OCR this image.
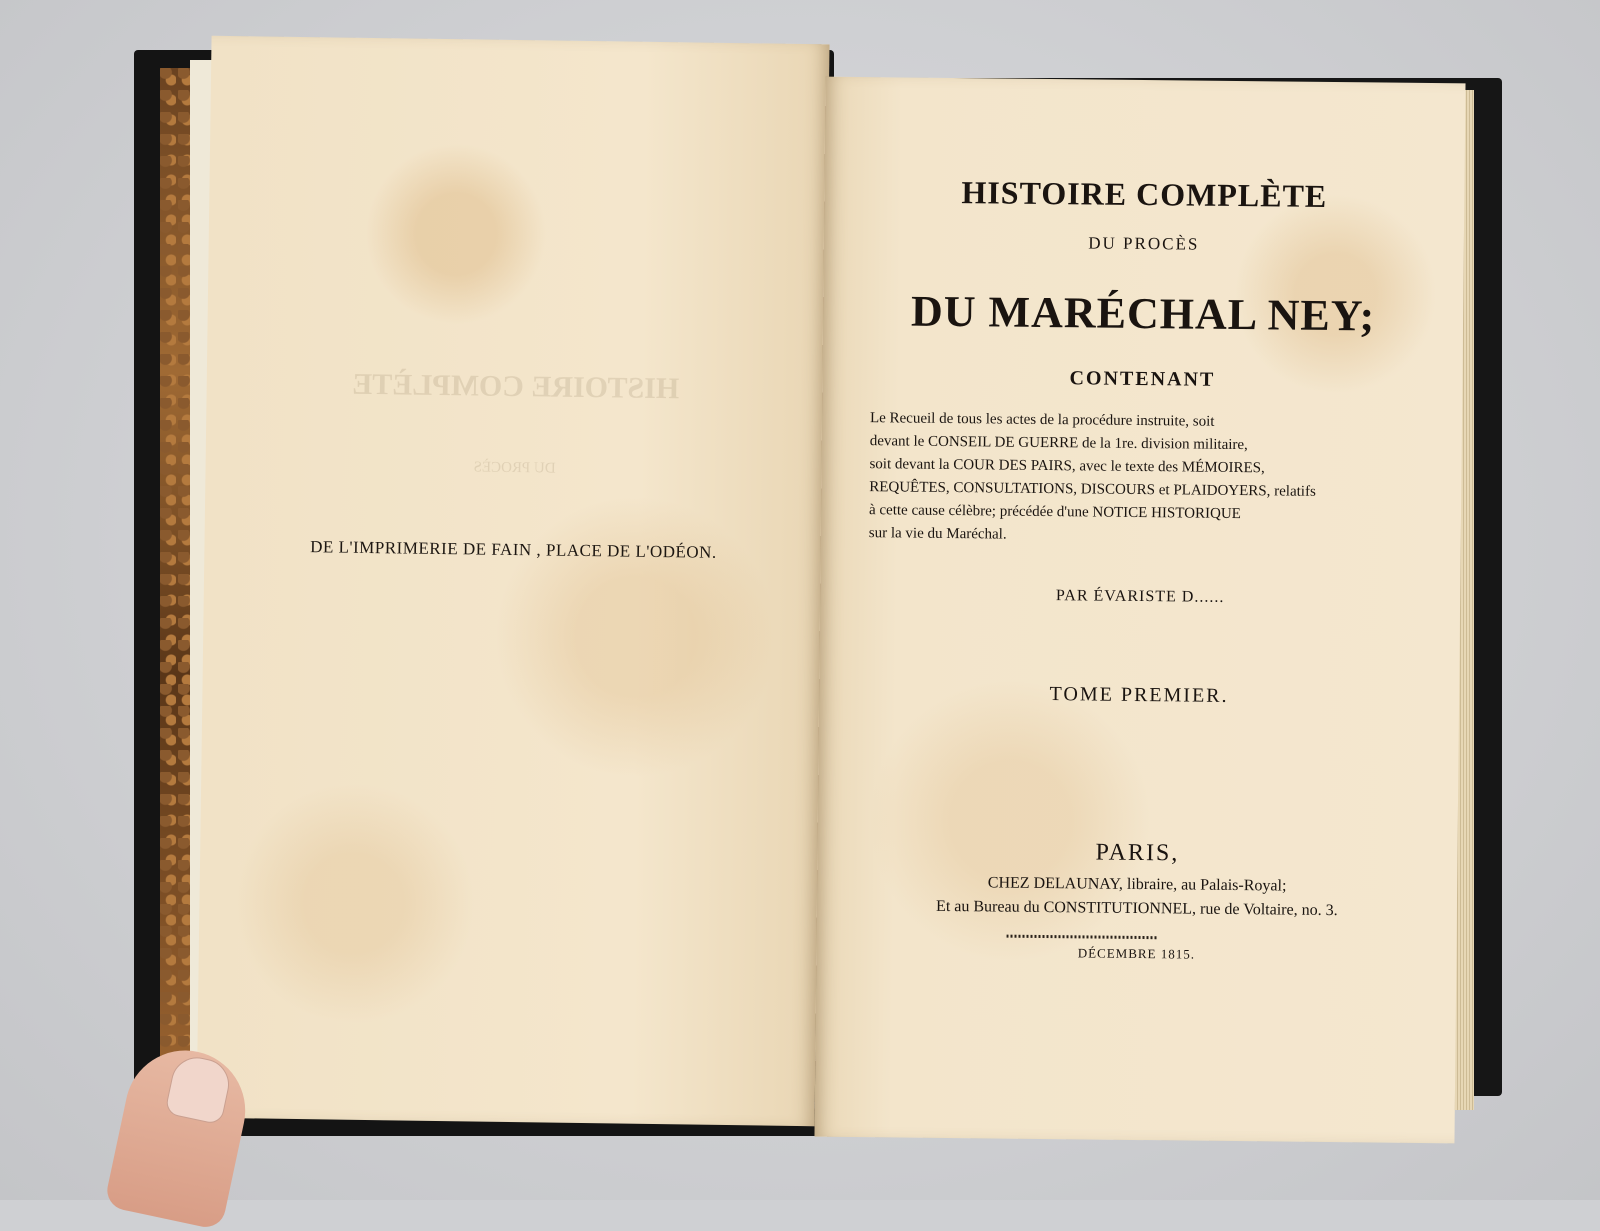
HISTOIRE COMPLÈTE
DU PROCÈS
DE L'IMPRIMERIE DE FAIN , PLACE DE L'ODÉON.
HISTOIRE COMPLÈTE
DU PROCÈS
DU MARÉCHAL NEY;
CONTENANT
Le Recueil de tous les actes de la procédure instruite, soit
devant le CONSEIL DE GUERRE de la 1re. division militaire,
soit devant la COUR DES PAIRS, avec le texte des MÉMOIRES,
REQUÊTES, CONSULTATIONS, DISCOURS et PLAIDOYERS, relatifs
à cette cause célèbre; précédée d'une NOTICE HISTORIQUE
sur la vie du Maréchal.
PAR ÉVARISTE D......
TOME PREMIER.
PARIS,
CHEZ DELAUNAY, libraire, au Palais-Royal;
Et au Bureau du CONSTITUTIONNEL, rue de Voltaire, no. 3.
DÉCEMBRE 1815.
